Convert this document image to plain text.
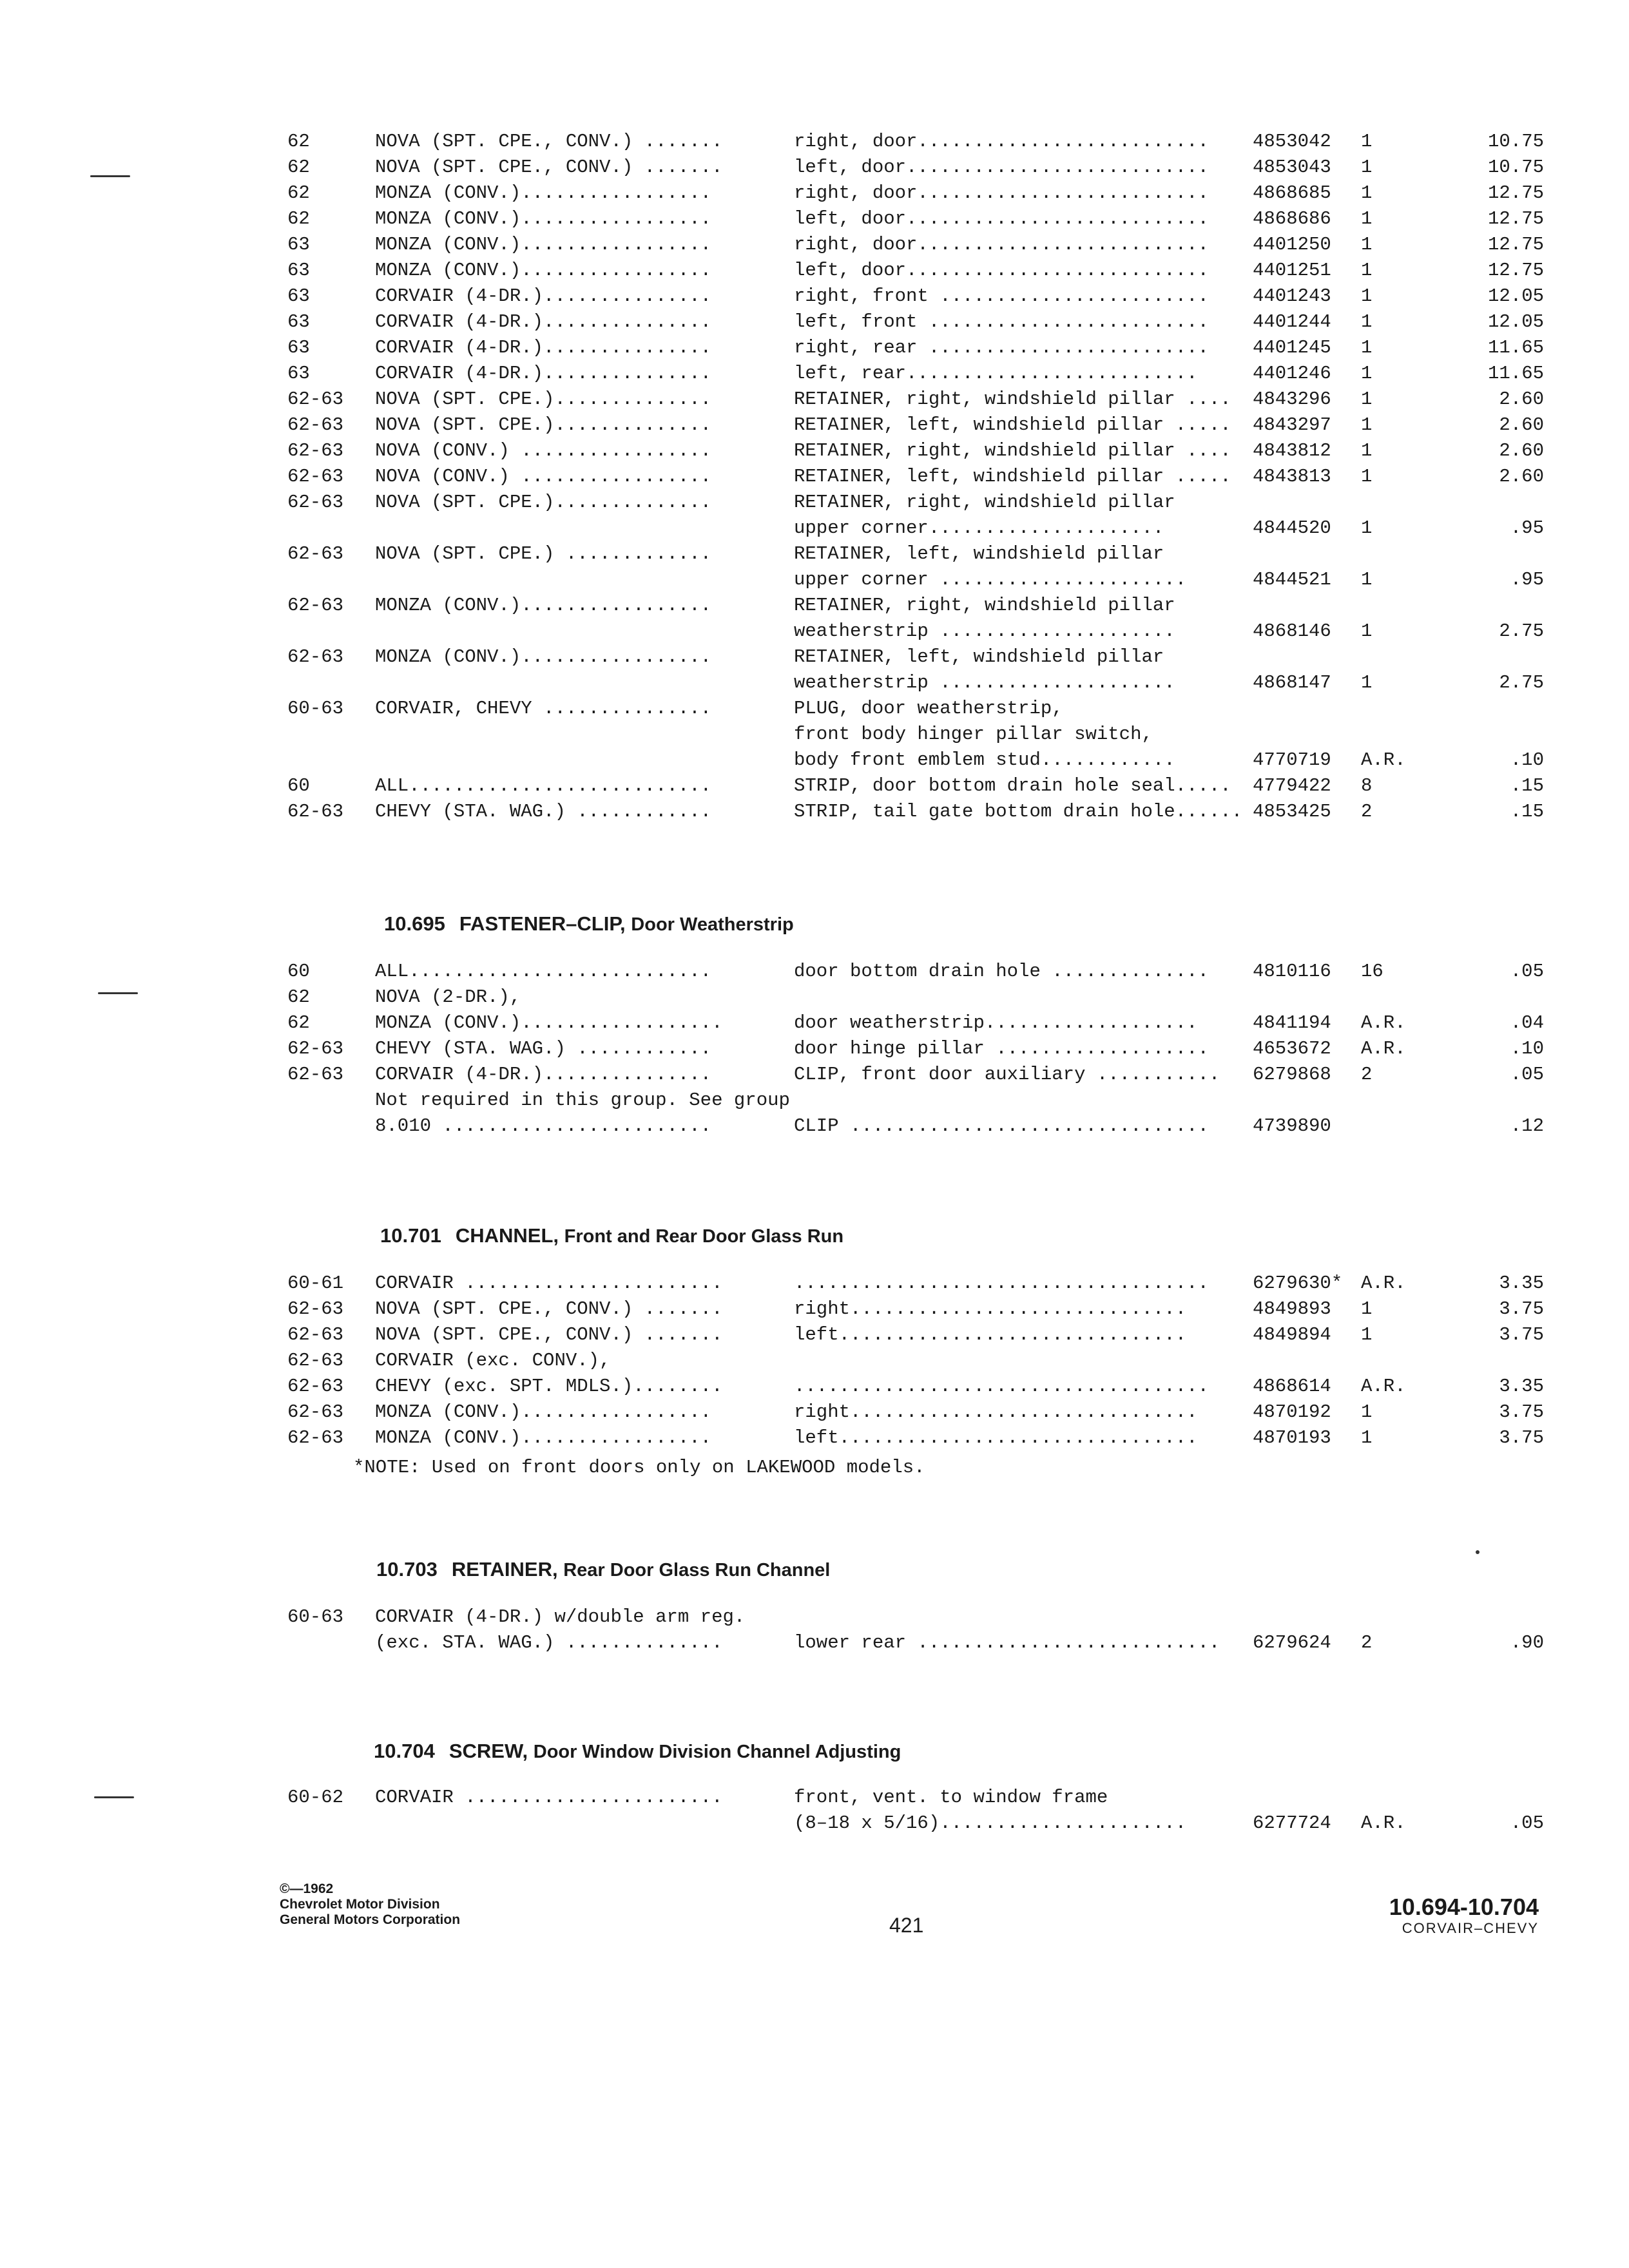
62	NOVA (SPT. CPE., CONV.) .......	right, door.......................... 4853042 1	10.75
62	NOVA (SPT. CPE., CONV.) .......	left, door........................... 4853043 1	10.75
62	MONZA (CONV.).................	right, door.......................... 4868685 1	12.75
62	MONZA (CONV.).................	left, door........................... 4868686 1	12.75
63	MONZA (CONV.).................	right, door.......................... 4401250 1	12.75
63	MONZA (CONV.).................	left, door........................... 4401251 1	12.75
63	CORVAIR (4-DR.)...............	right, front ........................ 4401243 1	12.05
63	CORVAIR (4-DR.)...............	left, front ......................... 4401244 1	12.05
63	CORVAIR (4-DR.)...............	right, rear ......................... 4401245 1	11.65
63	CORVAIR (4-DR.)...............	left, rear..........................	4401246 1	11.65
62-63 NOVA (SPT. CPE.)..............	RETAINER, right, windshield pillar .... 4843296 1	2.60
62-63 NOVA (SPT. CPE.)..............	RETAINER, left, windshield pillar ..... 4843297 1	2.60
62-63 NOVA (CONV.) .................	RETAINER, right, windshield pillar .... 4843812 1	2.60
62-63 NOVA (CONV.) .................	RETAINER, left, windshield pillar ..... 4843813 1	2.60
62-63 NOVA (SPT. CPE.)..............	RETAINER, right, windshield pillar
upper corner.....................	4844520 1	.95
62-63 NOVA (SPT. CPE.) .............	RETAINER, left, windshield pillar
upper corner ......................	4844521 1	.95
62-63 MONZA (CONV.).................	RETAINER, right, windshield pillar
weatherstrip .....................	4868146 1	2.75
62-63 MONZA (CONV.).................	RETAINER, left, windshield pillar
weatherstrip .....................	4868147 1	2.75
60-63 CORVAIR, CHEVY ...............	PLUG, door weatherstrip,
front body hinger pillar switch,
body front emblem stud............	4770719 A.R.	.10
60	ALL...........................	STRIP, door bottom drain hole seal..... 4779422 8	.15
62-63 CHEVY (STA. WAG.) ............	STRIP, tail gate bottom drain hole...... 4853425 2	.15
10.695 FASTENER–CLIP, Door Weatherstrip
60	ALL...........................	door bottom drain hole .............. 4810116 16	.05
62	NOVA (2-DR.),
62	MONZA (CONV.)..................	door weatherstrip...................	4841194 A.R.	.04
62-63 CHEVY (STA. WAG.) ............	door hinge pillar ................... 4653672 A.R.	.10
62-63 CORVAIR (4-DR.)...............	CLIP, front door auxiliary ........... 6279868 2	.05
Not required in this group. See group
8.010 ........................	CLIP ................................ 4739890	.12
10.701 CHANNEL, Front and Rear Door Glass Run
60-61 CORVAIR .......................	..................................... 6279630* A.R.	3.35
62-63 NOVA (SPT. CPE., CONV.) .......	right..............................	4849893 1	3.75
62-63 NOVA (SPT. CPE., CONV.) .......	left...............................	4849894 1	3.75
62-63 CORVAIR (exc. CONV.),
62-63 CHEVY (exc. SPT. MDLS.)........	..................................... 4868614 A.R.	3.35
62-63 MONZA (CONV.).................	right...............................	4870192 1	3.75
62-63 MONZA (CONV.).................	left................................	4870193 1	3.75
*NOTE: Used on front doors only on LAKEWOOD models.
10.703 RETAINER, Rear Door Glass Run Channel
60-63 CORVAIR (4-DR.) w/double arm reg.
(exc. STA. WAG.) ..............	lower rear ........................... 6279624 2	.90
10.704 SCREW, Door Window Division Channel Adjusting
60-62 CORVAIR .......................	front, vent. to window frame
(8–18 x 5/16)......................	6277724 A.R.	.05
©—1962
Chevrolet Motor Division
General Motors Corporation	421
10.694-10.704
CORVAIR–CHEVY
